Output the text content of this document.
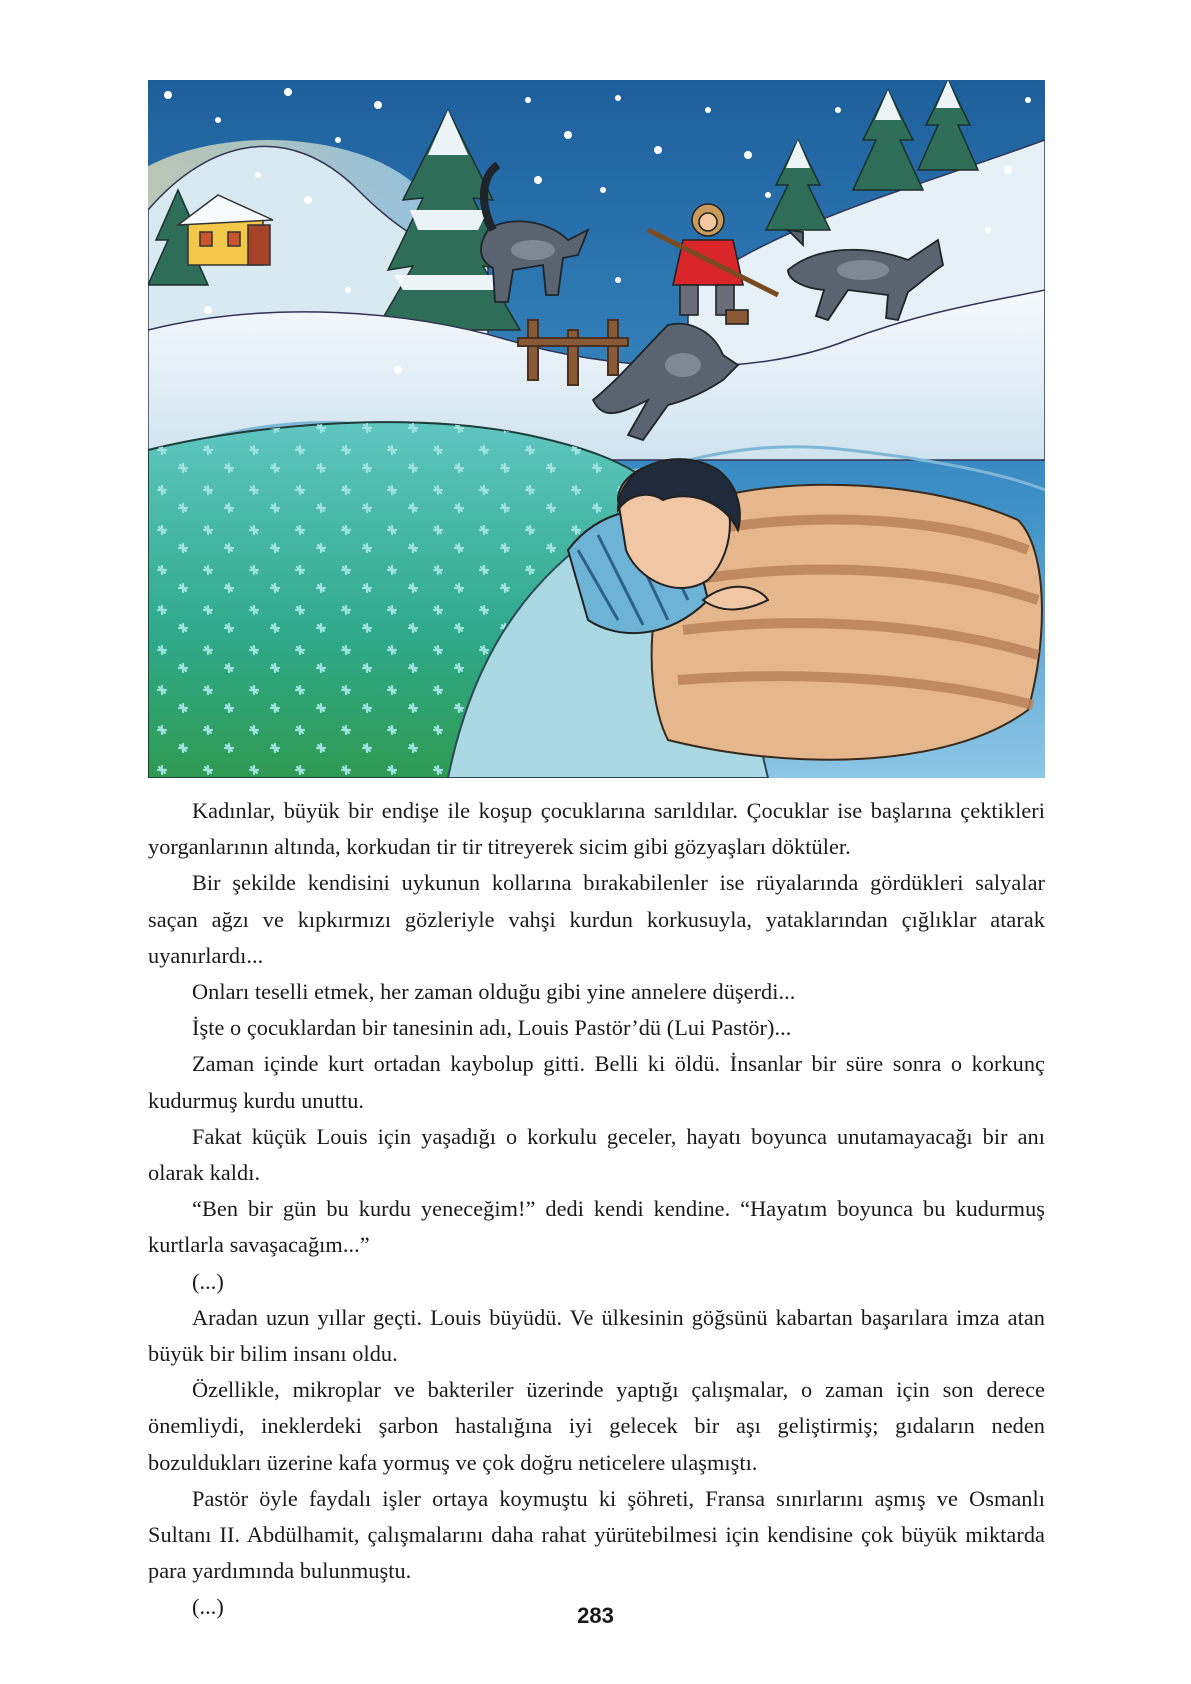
Kadınlar, büyük bir endişe ile koşup çocuklarına sarıldılar. Çocuklar ise başlarına çektikleri yorganlarının altında, korkudan tir tir titreyerek sicim gibi gözyaşları döktüler.

Bir şekilde kendisini uykunun kollarına bırakabilenler ise rüyalarında gördükleri salyalar saçan ağzı ve kıpkırmızı gözleriyle vahşi kurdun korkusuyla, yataklarından çığlıklar atarak uyanırlardı...

Onları teselli etmek, her zaman olduğu gibi yine annelere düşerdi...

İşte o çocuklardan bir tanesinin adı, Louis Pastör’dü (Lui Pastör)...

Zaman içinde kurt ortadan kaybolup gitti. Belli ki öldü. İnsanlar bir süre sonra o korkunç kudurmuş kurdu unuttu.

Fakat küçük Louis için yaşadığı o korkulu geceler, hayatı boyunca unutamayacağı bir anı olarak kaldı.

“Ben bir gün bu kurdu yeneceğim!” dedi kendi kendine. “Hayatım boyunca bu kudurmuş kurtlarla savaşacağım...”

(...)

Aradan uzun yıllar geçti. Louis büyüdü. Ve ülkesinin göğsünü kabartan başarılara imza atan büyük bir bilim insanı oldu.

Özellikle, mikroplar ve bakteriler üzerinde yaptığı çalışmalar, o zaman için son derece önemliydi, ineklerdeki şarbon hastalığına iyi gelecek bir aşı geliştirmiş; gıdaların neden bozuldukları üzerine kafa yormuş ve çok doğru neticelere ulaşmıştı.

Pastör öyle faydalı işler ortaya koymuştu ki şöhreti, Fransa sınırlarını aşmış ve Osmanlı Sultanı II. Abdülhamit, çalışmalarını daha rahat yürütebilmesi için kendisine çok büyük miktarda para yardımında bulunmuştu.

(...)	283
